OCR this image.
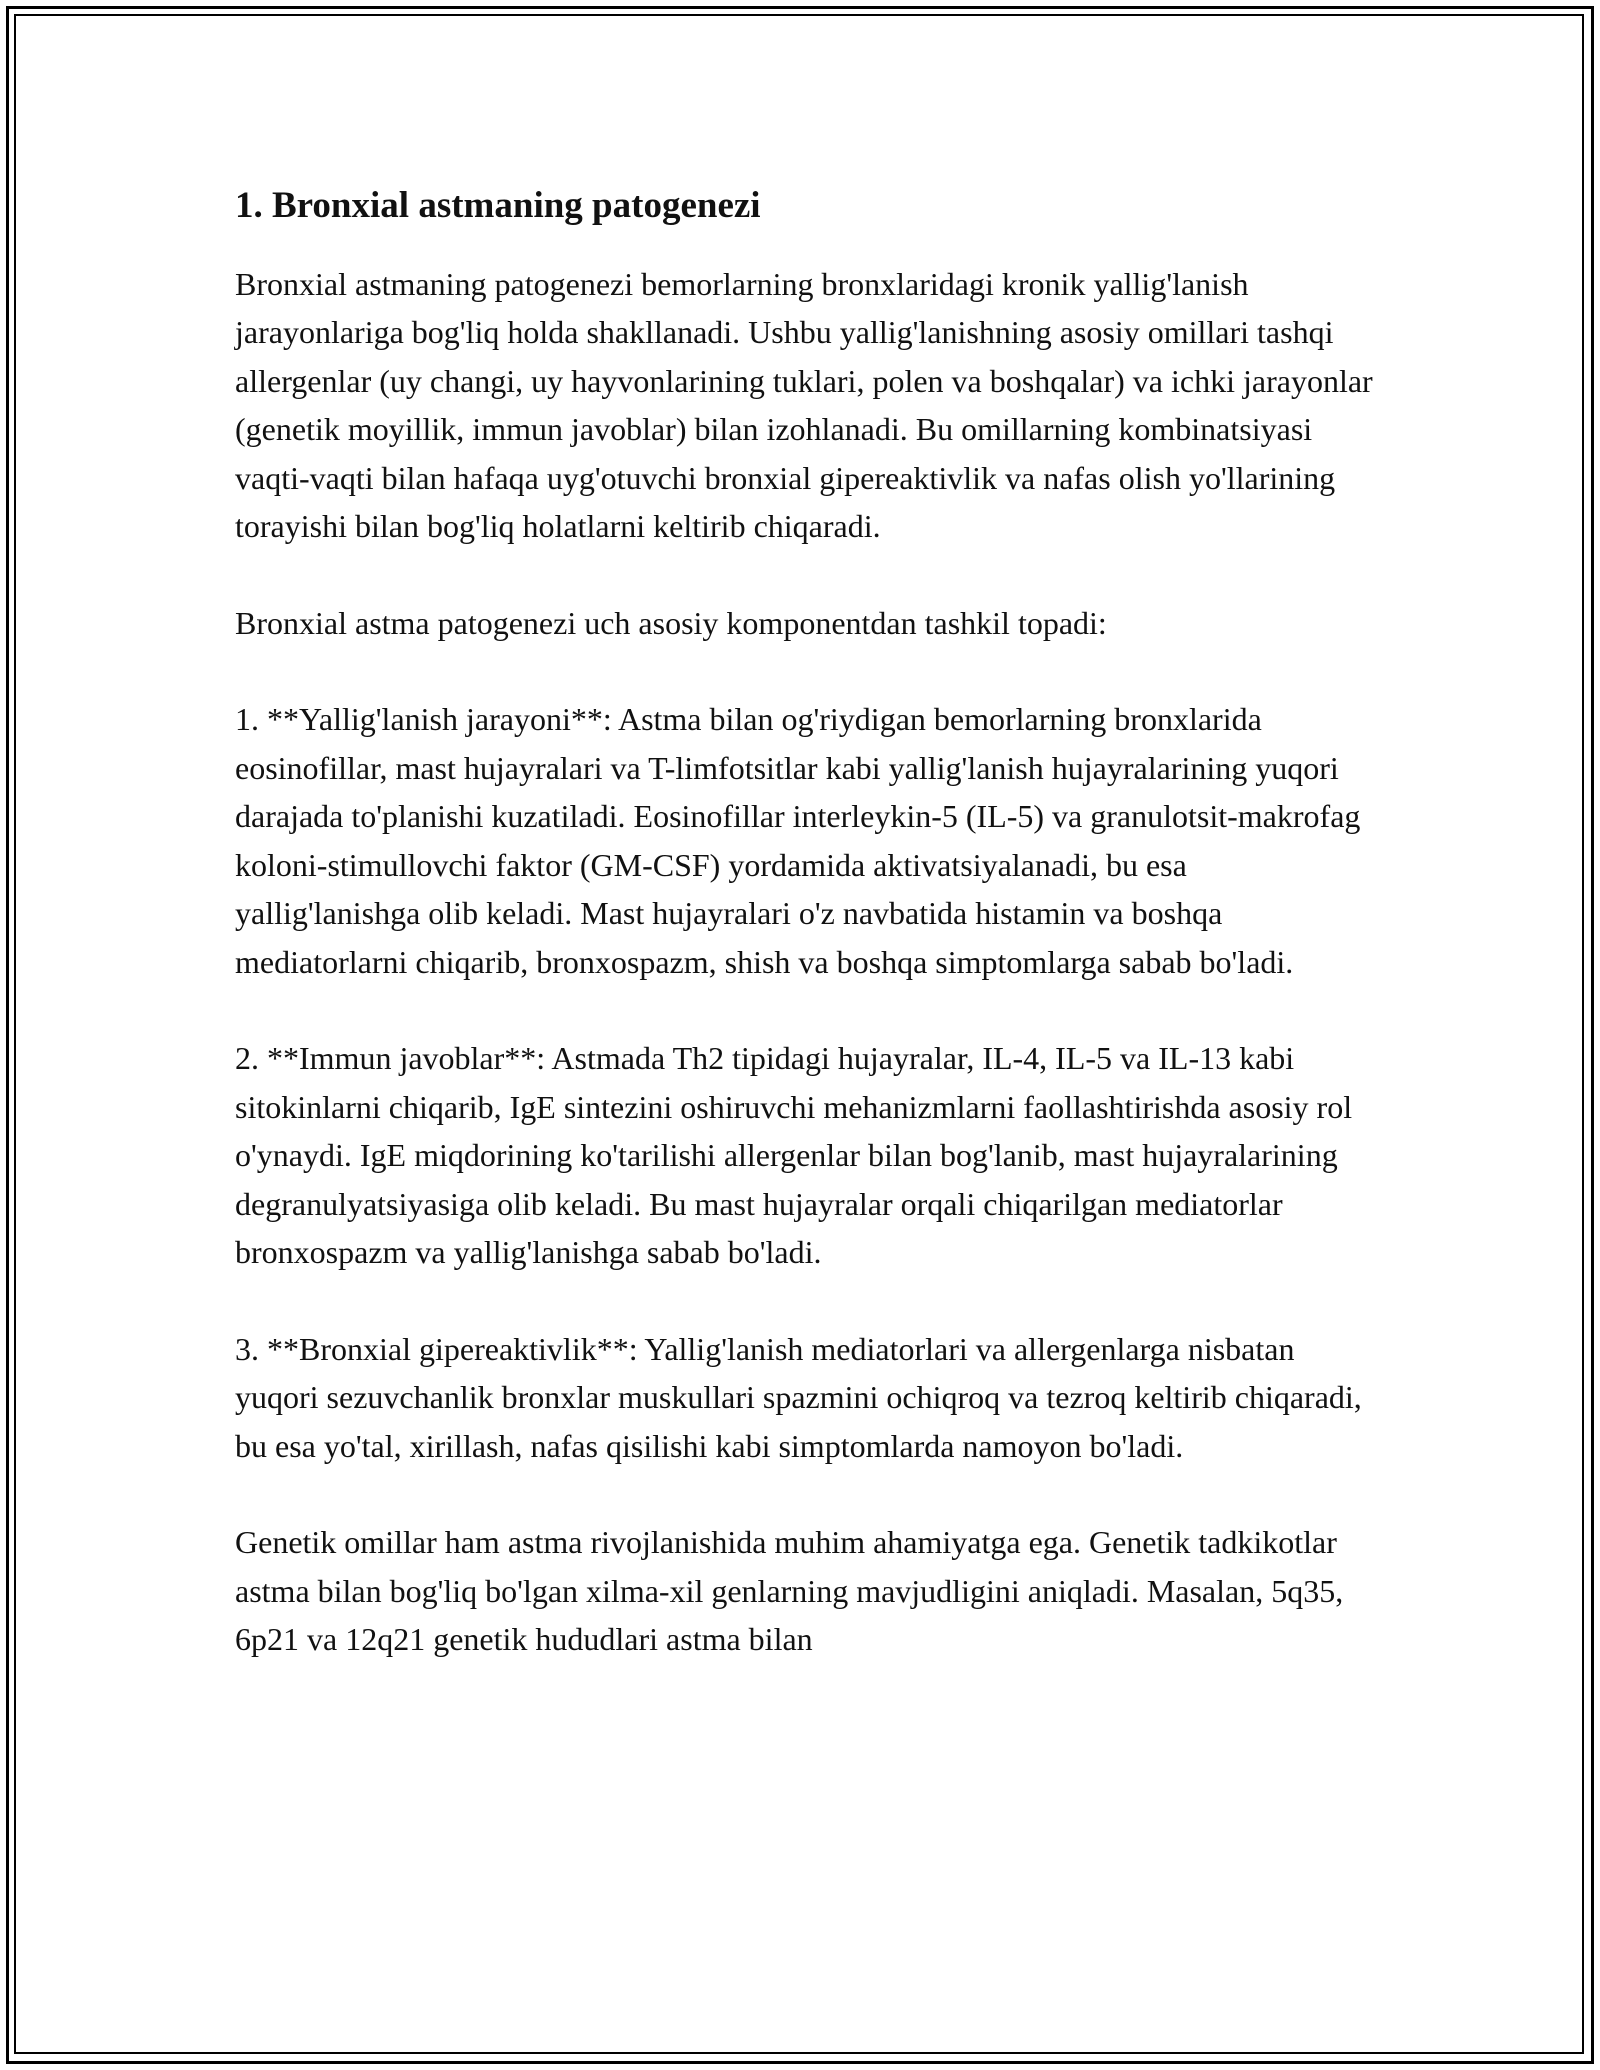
1. Bronxial astmaning patogenezi

Bronxial astmaning patogenezi bemorlarning bronxlaridagi kronik yallig'lanish jarayonlariga bog'liq holda shakllanadi. Ushbu yallig'lanishning asosiy omillari tashqi allergenlar (uy changi, uy hayvonlarining tuklari, polen va boshqalar) va ichki jarayonlar (genetik moyillik, immun javoblar) bilan izohlanadi. Bu omillarning kombinatsiyasi vaqti-vaqti bilan hafaqa uyg'otuvchi bronxial gipereaktivlik va nafas olish yo'llarining torayishi bilan bog'liq holatlarni keltirib chiqaradi.

Bronxial astma patogenezi uch asosiy komponentdan tashkil topadi:

1. **Yallig'lanish jarayoni**: Astma bilan og'riydigan bemorlarning bronxlarida eosinofillar, mast hujayralari va T-limfotsitlar kabi yallig'lanish hujayralarining yuqori darajada to'planishi kuzatiladi. Eosinofillar interleykin-5 (IL-5) va granulotsit-makrofag koloni-stimullovchi faktor (GM-CSF) yordamida aktivatsiyalanadi, bu esa yallig'lanishga olib keladi. Mast hujayralari o'z navbatida histamin va boshqa mediatorlarni chiqarib, bronxospazm, shish va boshqa simptomlarga sabab bo'ladi.

2. **Immun javoblar**: Astmada Th2 tipidagi hujayralar, IL-4, IL-5 va IL-13 kabi sitokinlarni chiqarib, IgE sintezini oshiruvchi mehanizmlarni faollashtirishda asosiy rol o'ynaydi. IgE miqdorining ko'tarilishi allergenlar bilan bog'lanib, mast hujayralarining degranulyatsiyasiga olib keladi. Bu mast hujayralar orqali chiqarilgan mediatorlar bronxospazm va yallig'lanishga sabab bo'ladi.

3. **Bronxial gipereaktivlik**: Yallig'lanish mediatorlari va allergenlarga nisbatan yuqori sezuvchanlik bronxlar muskullari spazmini ochiqroq va tezroq keltirib chiqaradi, bu esa yo'tal, xirillash, nafas qisilishi kabi simptomlarda namoyon bo'ladi.

Genetik omillar ham astma rivojlanishida muhim ahamiyatga ega. Genetik tadkikotlar astma bilan bog'liq bo'lgan xilma-xil genlarning mavjudligini aniqladi. Masalan, 5q35, 6p21 va 12q21 genetik hududlari astma bilan
